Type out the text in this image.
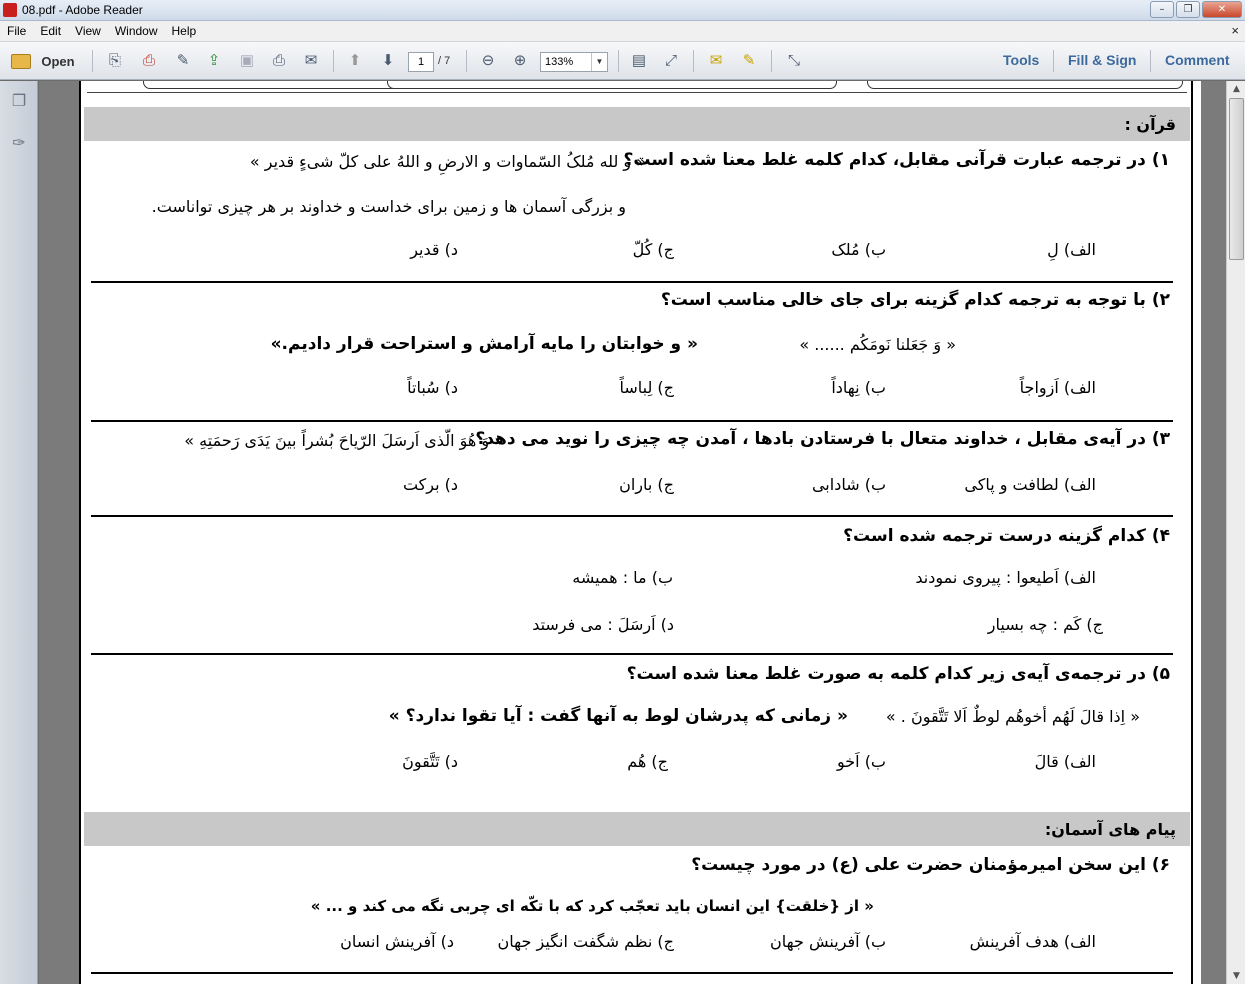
08.pdf - Adobe Reader	–	❐	✕
File	Edit	View	Window	Help	×
Open	⎘	⎙	✎	⇪	▣	⎙	✉	⬆	⬇	1	/ 7	⊖	⊕	133%	▼ ▤	⤢	✉	✎	⤡	Tools Fill & Sign Comment
❐
✑
قرآن :
۱) در ترجمه عبارت قرآنی مقابل، کدام کلمه غلط معنا شده است؟
« و لله مُلکُ السّماوات و الارضِ و اللهُ علی کلّ شیءٍ قدیر »
و بزرگی آسمان ها و زمین برای خداست و خداوند بر هر چیزی تواناست.
الف) لِ
ب) مُلک
ج) کُلّ
د) قدیر
۲) با توجه به ترجمه کدام گزینه برای جای خالی مناسب است؟
« وَ جَعَلنا نَومَکُم ...... »
« و خوابتان را مایه آرامش و استراحت قرار دادیم.»
الف) اَزواجاً
ب) نِهاداً
ج) لِباساً
د) سُباتاً
۳) در آیه‌ی مقابل ، خداوند متعال با فرستادن بادها ، آمدن چه چیزی را نوید می دهد؟
« وَ هُوَ الّذی اَرسَلَ الرّیاحَ بُشراً بینَ یَدَی رَحمَتِهِ »
الف) لطافت و پاکی
ب) شادابی
ج) باران
د) برکت
۴) کدام گزینه درست ترجمه شده است؟
الف) اَطیعوا : پیروی نمودند
ب) ما : همیشه
ج) کَم : چه بسیار
د) اَرسَلَ : می فرستد
۵) در ترجمه‌ی آیه‌ی زیر کدام کلمه به صورت غلط معنا شده است؟
« اِذا قالَ لَهُم أخوهُم لوطٌ اَلا تَتَّقونَ . »
« زمانی که پدرشان لوط به آنها گفت : آیا تقوا ندارد؟ »
الف) قالَ
ب) اَخو
ج) هُم
د) تَتَّقونَ
پیام های آسمان:
۶) این سخن امیرمؤمنان حضرت علی (ع) در مورد چیست؟
« از {خلقت} این انسان باید تعجّب کرد که با تکّه ای چربی نگه می کند و ... »
الف) هدف آفرینش
ب) آفرینش جهان
ج) نظم شگفت انگیز جهان
د) آفرینش انسان
▲
▼
